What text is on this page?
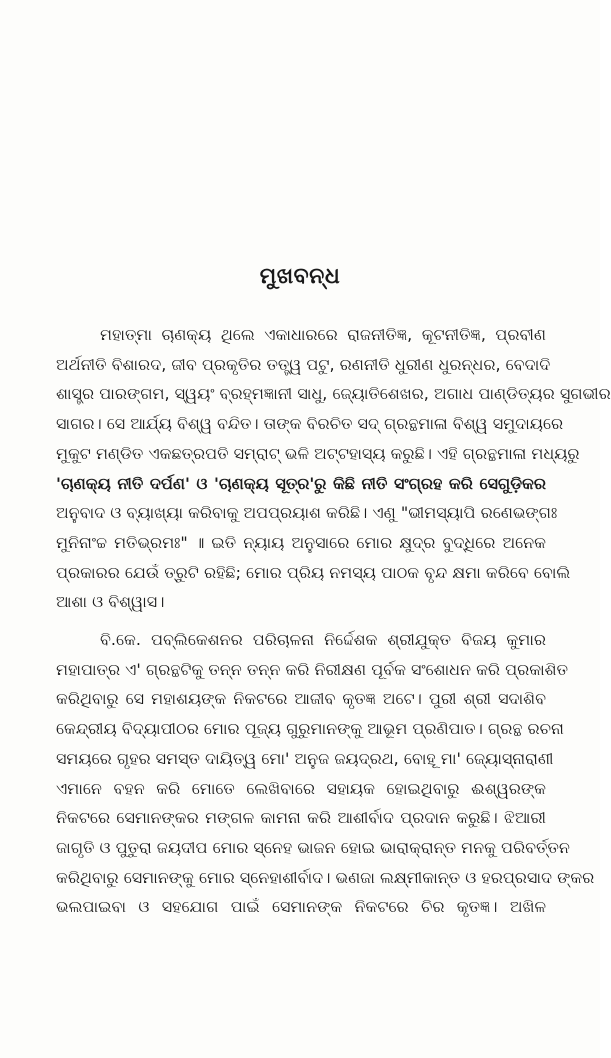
ମୁଖବନ୍ଧ

ମହାତ୍ମା ଚାଣକ୍ୟ ଥିଲେ ଏକାଧାରରେ ରାଜନୀତିଜ୍ଞ, କୂଟନୀତିଜ୍ଞ, ପ୍ରବୀଣ
ଅର୍ଥନୀତି ବିଶାରଦ, ଜୀବ ପ୍ରକୃତିର ତତ୍ତ୍ୱ ପଟୁ, ରଣନୀତି ଧୁରୀଣ ଧୁରନ୍ଧର, ବେଦାଦି
ଶାସ୍ତ୍ର ପାରଙ୍ଗମ, ସ୍ୱୟଂ ବ୍ରହ୍ମଜ୍ଞାନୀ ସାଧୁ, ଜ୍ୟୋତିଶେଖର, ଅଗାଧ ପାଣ୍ଡିତ୍ୟର ସୁଗଭୀର
ସାଗର। ସେ ଆର୍ଯ୍ୟ ବିଶ୍ୱ ବନ୍ଦିତ। ତାଙ୍କ ବିରଚିତ ସଦ୍ ଗ୍ରନ୍ଥମାଳା ବିଶ୍ୱ ସମୁଦାୟରେ
ମୁକୁଟ ମଣ୍ଡିତ ଏକଛତ୍ରପତି ସମ୍ରାଟ୍ ଭଳି ଅଟ୍ଟହାସ୍ୟ କରୁଛି। ଏହି ଗ୍ରନ୍ଥମାଳା ମଧ୍ୟରୁ
'ଚାଣକ୍ୟ ନୀତି ଦର୍ପଣ' ଓ 'ଚାଣକ୍ୟ ସୂତ୍ର'ରୁ କିଛି ନୀତି ସଂଗ୍ରହ କରି ସେଗୁଡ଼ିକର
ଅନୁବାଦ ଓ ବ୍ୟାଖ୍ୟା କରିବାକୁ ଅପପ୍ରୟାଶ କରିଛି। ଏଣୁ "ଭୀମସ୍ୟାପି ରଣେଭଙ୍ଗଃ
ମୁନିନାଂଚ୍ଚ ମତିଭ୍ରମଃ" ॥ ଇତି ନ୍ୟାୟ ଅନୁସାରେ ମୋର କ୍ଷୁଦ୍ର ବୁଦ୍ଧିରେ ଅନେକ
ପ୍ରକାରର ଯେଉଁ ତ୍ରୁଟି ରହିଛି; ମୋର ପ୍ରିୟ ନମସ୍ୟ ପାଠକ ବୃନ୍ଦ କ୍ଷମା କରିବେ ବୋଲି
ଆଶା ଓ ବିଶ୍ୱାସ।

ବି.କେ. ପବ୍ଲିକେଶନର ପରିଚାଳନା ନିର୍ଦ୍ଦେଶକ ଶ୍ରୀଯୁକ୍ତ ବିଜୟ କୁମାର
ମହାପାତ୍ର ଏ' ଗ୍ରନ୍ଥଟିକୁ ତନ୍ନ ତନ୍ନ କରି ନିରୀକ୍ଷଣ ପୂର୍ବକ ସଂଶୋଧନ କରି ପ୍ରକାଶିତ
କରିଥିବାରୁ ସେ ମହାଶୟଙ୍କ ନିକଟରେ ଆଜୀବ କୃତଜ୍ଞ ଅଟେ। ପୁରୀ ଶ୍ରୀ ସଦାଶିବ
କେନ୍ଦ୍ରୀୟ ବିଦ୍ୟାପୀଠର ମୋର ପୂଜ୍ୟ ଗୁରୁମାନଙ୍କୁ ଆଭୂମ ପ୍ରଣିପାତ। ଗ୍ରନ୍ଥ ରଚନା
ସମୟରେ ଗୃହର ସମସ୍ତ ଦାୟିତ୍ୱ ମୋ' ଅନୁଜ ଜୟଦ୍ରଥ, ବୋହୂ ମା' ଜ୍ୟୋସ୍ନାରାଣୀ
ଏମାନେ ବହନ କରି ମୋତେ ଲେଖିବାରେ ସହାୟକ ହୋଇଥିବାରୁ ଈଶ୍ୱରଙ୍କ
ନିକଟରେ ସେମାନଙ୍କର ମଙ୍ଗଳ କାମନା କରି ଆଶୀର୍ବାଦ ପ୍ରଦାନ କରୁଛି। ଝିଆରୀ
ଜାଗୃତି ଓ ପୁତୁରା ଜୟଦୀପ ମୋର ସ୍ନେହ ଭାଜନ ହୋଇ ଭାରାକ୍ରାନ୍ତ ମନକୁ ପରିବର୍ତ୍ତନ
କରିଥିବାରୁ ସେମାନଙ୍କୁ ମୋର ସ୍ନେହାଶୀର୍ବାଦ। ଭଣଜା ଲକ୍ଷ୍ମୀକାନ୍ତ ଓ ହରପ୍ରସାଦ ଙ୍କର
ଭଲପାଇବା ଓ ସହଯୋଗ ପାଇଁ ସେମାନଙ୍କ ନିକଟରେ ଚିର କୃତଜ୍ଞ। ଅଖିଳ
